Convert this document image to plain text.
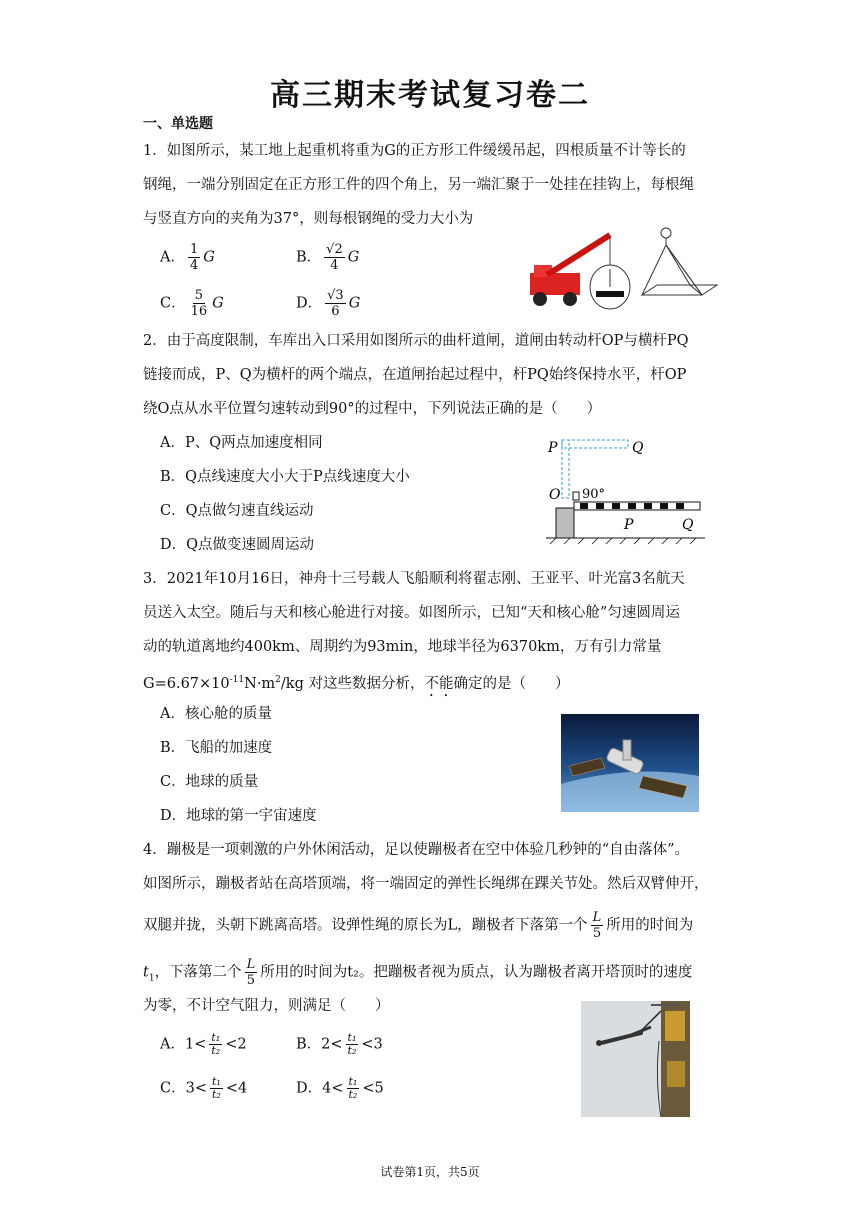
高三期末考试复习卷二
一、单选题
1．如图所示，某工地上起重机将重为G的正方形工件缓缓吊起，四根质量不计等长的
钢绳，一端分别固定在正方形工件的四个角上，另一端汇聚于一处挂在挂钩上，每根绳
与竖直方向的夹角为37°，则每根钢绳的受力大小为
A． $\frac{1}{4}$ G	B． $\frac{√2}{4}$ G
C． $\frac{5}{16}$ G	D． $\frac{√3}{6}$ G
2．由于高度限制，车库出入口采用如图所示的曲杆道闸，道闸由转动杆OP与横杆PQ
链接而成，P、Q为横杆的两个端点，在道闸抬起过程中，杆PQ始终保持水平，杆OP
绕O点从水平位置匀速转动到90°的过程中，下列说法正确的是（　　）
A．P、Q两点加速度相同
B．Q点线速度大小大于P点线速度大小
C．Q点做匀速直线运动
D．Q点做变速圆周运动
P	Q
O 90°
P	Q
3．2021年10月16日，神舟十三号载人飞船顺利将翟志刚、王亚平、叶光富3名航天
员送入太空。随后与天和核心舱进行对接。如图所示，已知“天和核心舱”匀速圆周运
动的轨道离地约400km、周期约为93min，地球半径为6370km，万有引力常量
$G=6.67\times 10^{-11}N\cdot m^2/kg$ 对这些数据分析，不能确定的是（　　）
A．核心舱的质量
B．飞船的加速度
C．地球的质量
D．地球的第一宇宙速度
4．蹦极是一项刺激的户外休闲活动，足以使蹦极者在空中体验几秒钟的“自由落体”。
如图所示，蹦极者站在高塔顶端，将一端固定的弹性长绳绑在踝关节处。然后双臂伸开，
双腿并拢，头朝下跳离高塔。设弹性绳的原长为L，蹦极者下落第一个 $\frac{L}{5}$ 所用的时间为
$t_1$，下落第二个 $\frac{L}{5}$ 所用的时间为t₂。把蹦极者视为质点，认为蹦极者离开塔顶时的速度
为零，不计空气阻力，则满足（　　）
A．$1< \frac{\text{t₁}}{\text{t₂}} <2$	B．$2< \frac{\text{t₁}}{\text{t₂}} <3$
C．$3< \frac{\text{t₁}}{\text{t₂}} <4$	D．$4< \frac{\text{t₁}}{\text{t₂}} <5$
试卷第1页，共5页
